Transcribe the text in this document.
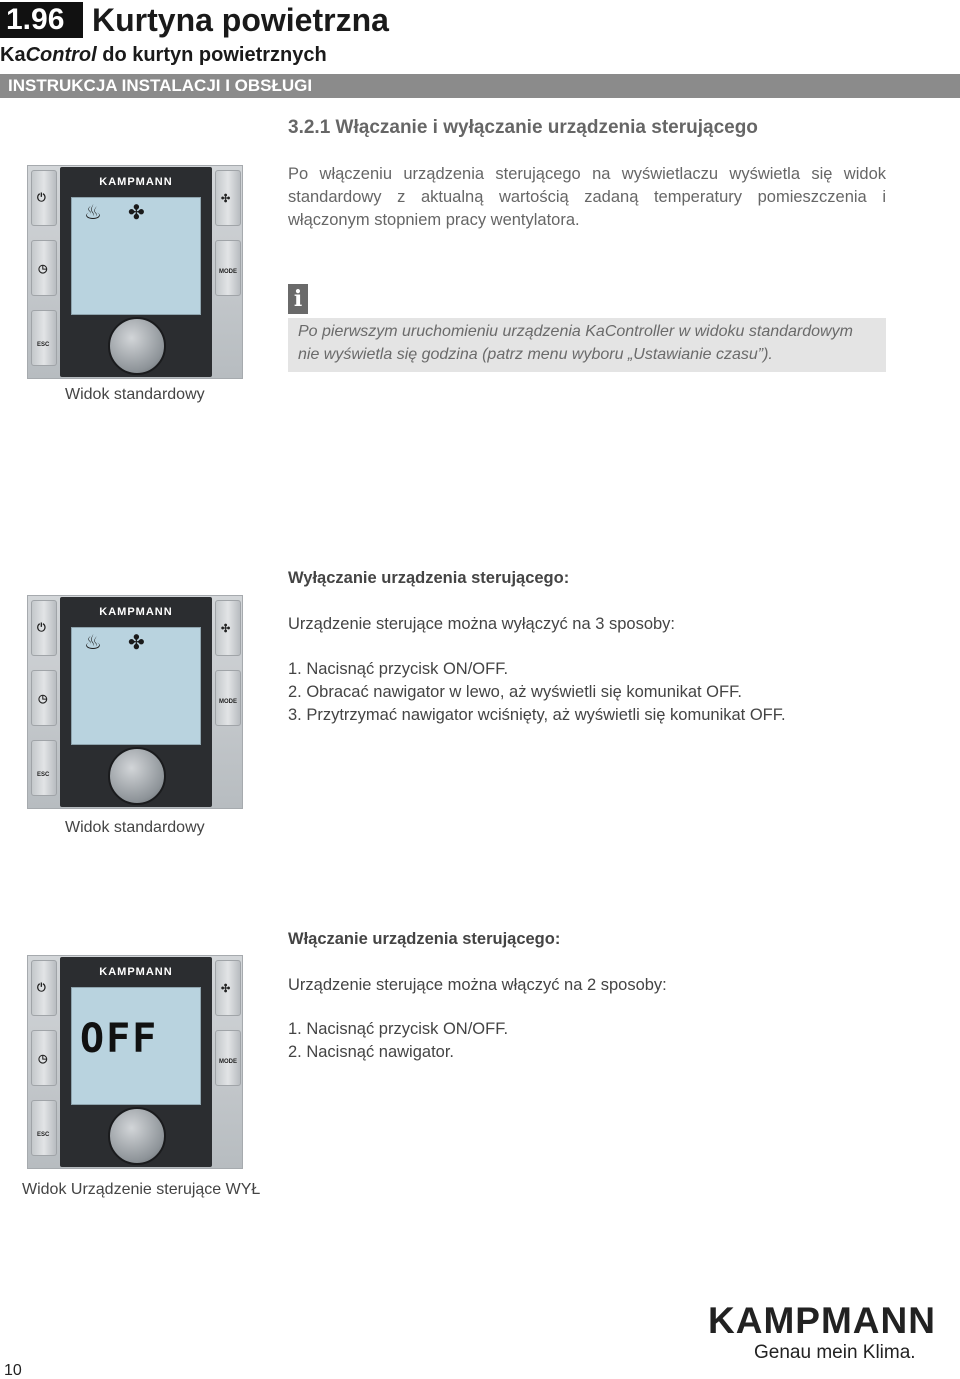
1.96 Kurtyna powietrzna
KaControl do kurtyn powietrznych
INSTRUKCJA INSTALACJI I OBSŁUGI
3.2.1 Włączanie i wyłączanie urządzenia sterującego
Po włączeniu urządzenia sterującego na wyświetlaczu wyświetla się widok standardowy z aktualną wartością zadaną temperatury pomieszczenia i włączonym stopniem pracy wentylatora.
i
Po pierwszym uruchomieniu urządzenia KaController w widoku standardowym nie wyświetla się godzina (patrz menu wyboru „Ustawianie czasu”).
⏻
◷
ESC
✣
MODE
KAMPMANN
♨ ✤
Widok standardowy
Wyłączanie urządzenia sterującego:
Urządzenie sterujące można wyłączyć na 3 sposoby:
1. Nacisnąć przycisk ON/OFF.
2. Obracać nawigator w lewo, aż wyświetli się komunikat OFF.
3. Przytrzymać nawigator wciśnięty, aż wyświetli się komunikat OFF.
⏻
◷
ESC
✣
MODE
KAMPMANN
♨ ✤
Widok standardowy
Włączanie urządzenia sterującego:
Urządzenie sterujące można włączyć na 2 sposoby:
1. Nacisnąć przycisk ON/OFF.
2. Nacisnąć nawigator.
⏻
◷
ESC
✣
MODE
KAMPMANN
OFF
Widok Urządzenie sterujące WYŁ
KAMPMANN
Genau mein Klima.
10
